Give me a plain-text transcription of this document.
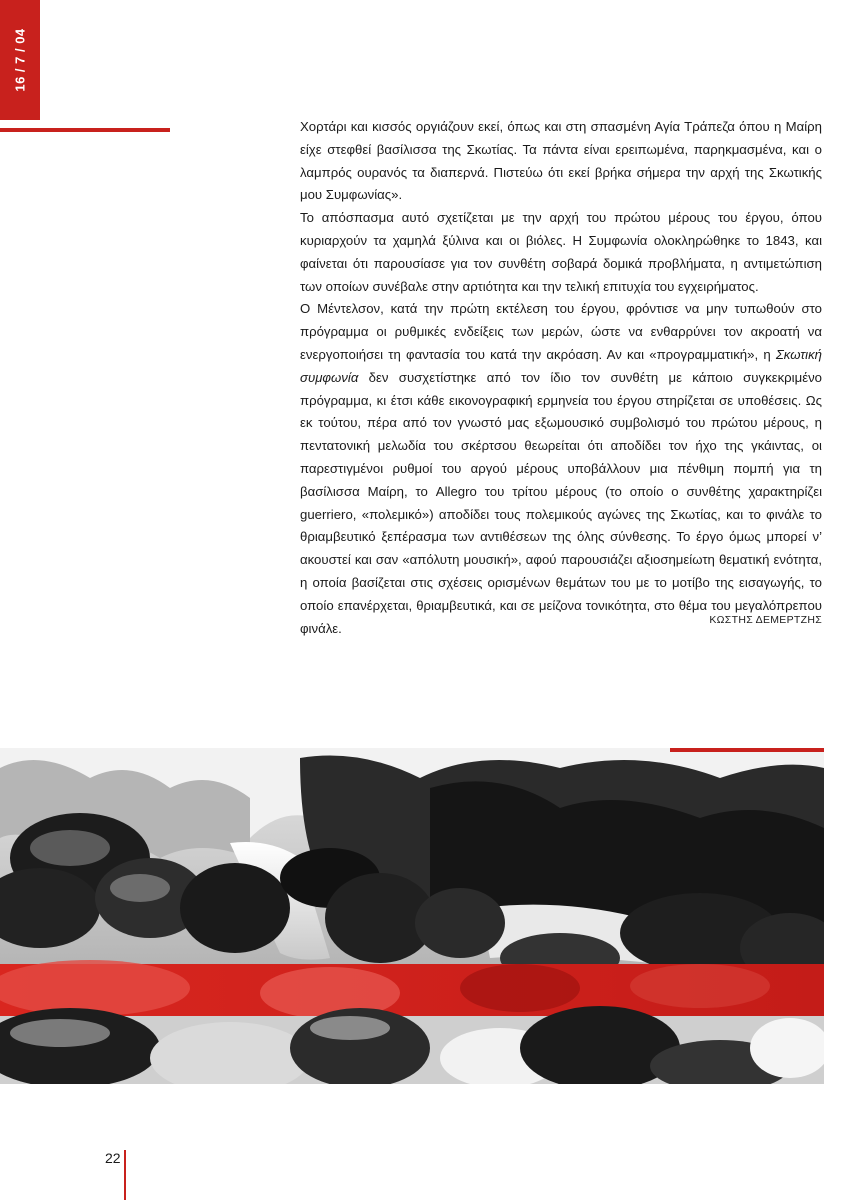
16 / 7 / 04

Χορτάρι και κισσός οργιάζουν εκεί, όπως και στη σπασμένη Αγία Τράπεζα όπου η Μαίρη είχε στεφθεί βασίλισσα της Σκωτίας. Τα πάντα είναι ερειπωμένα, παρηκμασμένα, και ο λαμπρός ουρανός τα διαπερνά. Πιστεύω ότι εκεί βρήκα σήμερα την αρχή της Σκωτικής μου Συμφωνίας».

Το απόσπασμα αυτό σχετίζεται με την αρχή του πρώτου μέρους του έργου, όπου κυριαρχούν τα χαμηλά ξύλινα και οι βιόλες. Η Συμφωνία ολοκληρώθηκε το 1843, και φαίνεται ότι παρουσίασε για τον συνθέτη σοβαρά δομικά προβλήματα, η αντιμετώπιση των οποίων συνέβαλε στην αρτιότητα και την τελική επιτυχία του εγχειρήματος.

Ο Μέντελσον, κατά την πρώτη εκτέλεση του έργου, φρόντισε να μην τυπωθούν στο πρόγραμμα οι ρυθμικές ενδείξεις των μερών, ώστε να ενθαρρύνει τον ακροατή να ενεργοποιήσει τη φαντασία του κατά την ακρόαση. Αν και «προγραμματική», η Σκωτική συμφωνία δεν συσχετίστηκε από τον ίδιο τον συνθέτη με κάποιο συγκεκριμένο πρόγραμμα, κι έτσι κάθε εικονογραφική ερμηνεία του έργου στηρίζεται σε υποθέσεις. Ως εκ τούτου, πέρα από τον γνωστό μας εξωμουσικό συμβολισμό του πρώτου μέρους, η πεντατονική μελωδία του σκέρτσου θεωρείται ότι αποδίδει τον ήχο της γκάιντας, οι παρεστιγμένοι ρυθμοί του αργού μέρους υποβάλλουν μια πένθιμη πομπή για τη βασίλισσα Μαίρη, το Allegro του τρίτου μέρους (το οποίο ο συνθέτης χαρακτηρίζει guerriero, «πολεμικό») αποδίδει τους πολεμικούς αγώνες της Σκωτίας, και το φινάλε το θριαμβευτικό ξεπέρασμα των αντιθέσεων της όλης σύνθεσης. Το έργο όμως μπορεί ν’ ακουστεί και σαν «απόλυτη μουσική», αφού παρουσιάζει αξιοσημείωτη θεματική ενότητα, η οποία βασίζεται στις σχέσεις ορισμένων θεμάτων του με το μοτίβο της εισαγωγής, το οποίο επανέρχεται, θριαμβευτικά, και σε μείζονα τονικότητα, στο θέμα του μεγαλόπρεπου φινάλε.

ΚΩΣΤΗΣ ΔΕΜΕΡΤΖΗΣ
22
